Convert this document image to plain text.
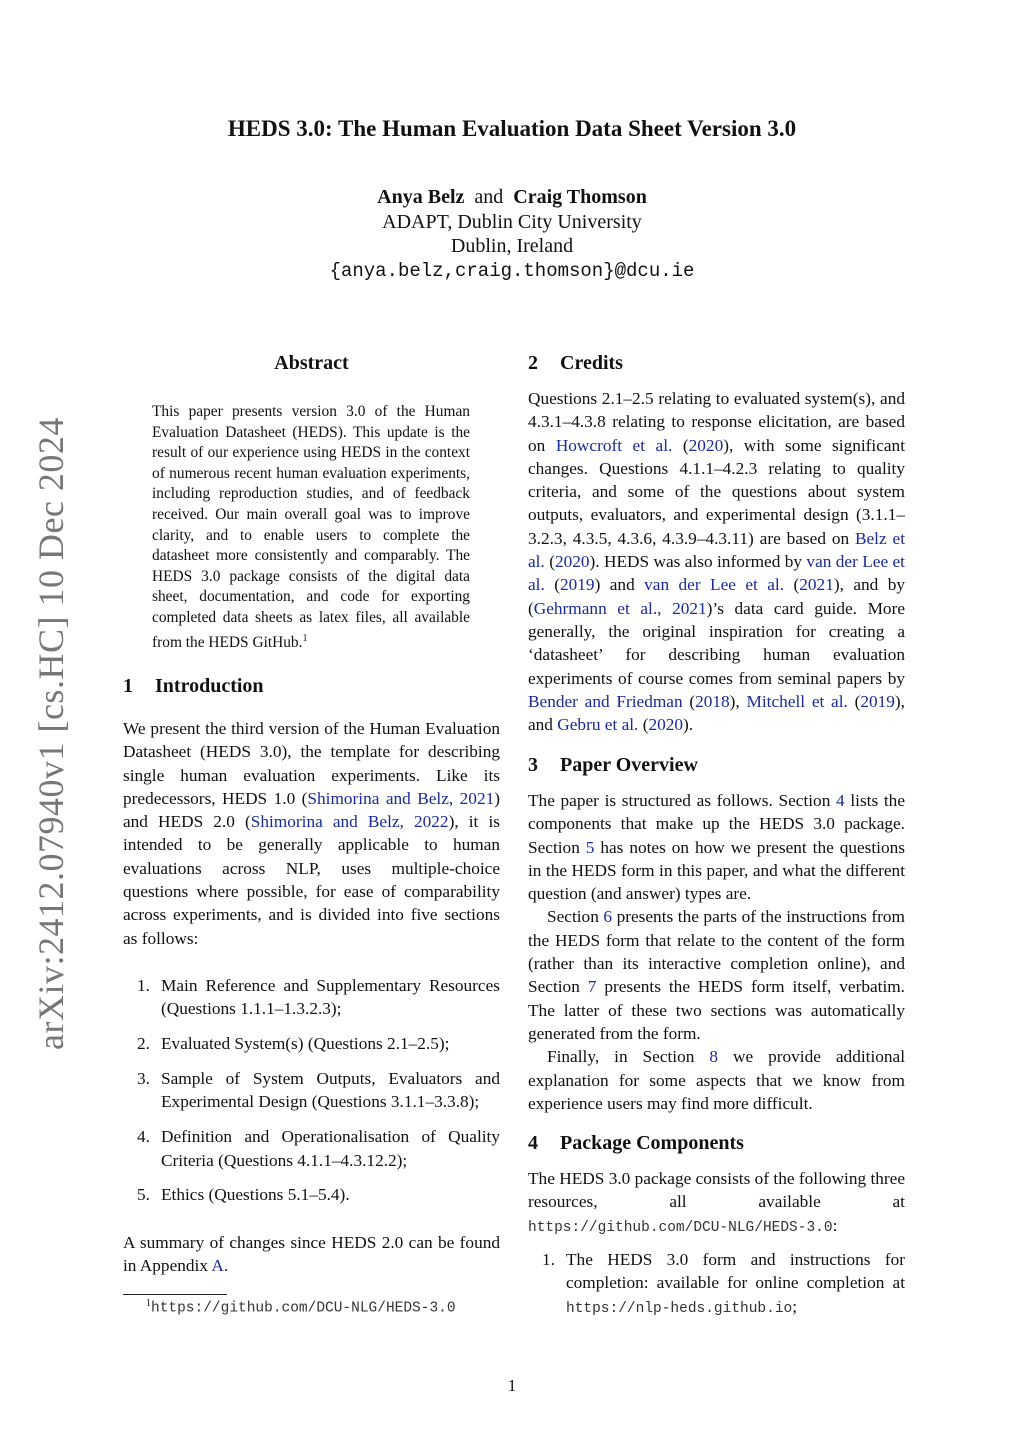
arXiv:2412.07940v1 [cs.HC] 10 Dec 2024
HEDS 3.0: The Human Evaluation Data Sheet Version 3.0
Anya Belz and Craig Thomson
ADAPT, Dublin City University
Dublin, Ireland
{anya.belz,craig.thomson}@dcu.ie
Abstract
This paper presents version 3.0 of the Human Evaluation Datasheet (HEDS). This update is the result of our experience using HEDS in the context of numerous recent human evaluation experiments, including reproduction studies, and of feedback received. Our main overall goal was to improve clarity, and to enable users to complete the datasheet more consistently and comparably. The HEDS 3.0 package consists of the digital data sheet, documentation, and code for exporting completed data sheets as latex files, all available from the HEDS GitHub.$^1$
1 Introduction

We present the third version of the Human Evaluation Datasheet (HEDS 3.0), the template for describing single human evaluation experiments. Like its predecessors, HEDS 1.0 (Shimorina and Belz, 2021) and HEDS 2.0 (Shimorina and Belz, 2022), it is intended to be generally applicable to human evaluations across NLP, uses multiple-choice questions where possible, for ease of comparability across experiments, and is divided into five sections as follows:

1. Main Reference and Supplementary Resources (Questions 1.1.1–1.3.2.3);
2. Evaluated System(s) (Questions 2.1–2.5);
3. Sample of System Outputs, Evaluators and Experimental Design (Questions 3.1.1–3.3.8);
4. Definition and Operationalisation of Quality Criteria (Questions 4.1.1–4.3.12.2);
5. Ethics (Questions 5.1–5.4).

A summary of changes since HEDS 2.0 can be found in Appendix A.

$^1$https://github.com/DCU-NLG/HEDS-3.0
2 Credits

Questions 2.1–2.5 relating to evaluated system(s), and 4.3.1–4.3.8 relating to response elicitation, are based on Howcroft et al. (2020), with some significant changes. Questions 4.1.1–4.2.3 relating to quality criteria, and some of the questions about system outputs, evaluators, and experimental design (3.1.1–3.2.3, 4.3.5, 4.3.6, 4.3.9–4.3.11) are based on Belz et al. (2020). HEDS was also informed by van der Lee et al. (2019) and van der Lee et al. (2021), and by (Gehrmann et al., 2021)’s data card guide. More generally, the original inspiration for creating a ‘datasheet’ for describing human evaluation experiments of course comes from seminal papers by Bender and Friedman (2018), Mitchell et al. (2019), and Gebru et al. (2020).

3 Paper Overview

The paper is structured as follows. Section 4 lists the components that make up the HEDS 3.0 package. Section 5 has notes on how we present the questions in the HEDS form in this paper, and what the different question (and answer) types are.

Section 6 presents the parts of the instructions from the HEDS form that relate to the content of the form (rather than its interactive completion online), and Section 7 presents the HEDS form itself, verbatim. The latter of these two sections was automatically generated from the form.

Finally, in Section 8 we provide additional explanation for some aspects that we know from experience users may find more difficult.

4 Package Components

The HEDS 3.0 package consists of the following three resources, all available at https://github.com/DCU-NLG/HEDS-3.0:

1. The HEDS 3.0 form and instructions for completion: available for online completion at https://nlp-heds.github.io;
1
